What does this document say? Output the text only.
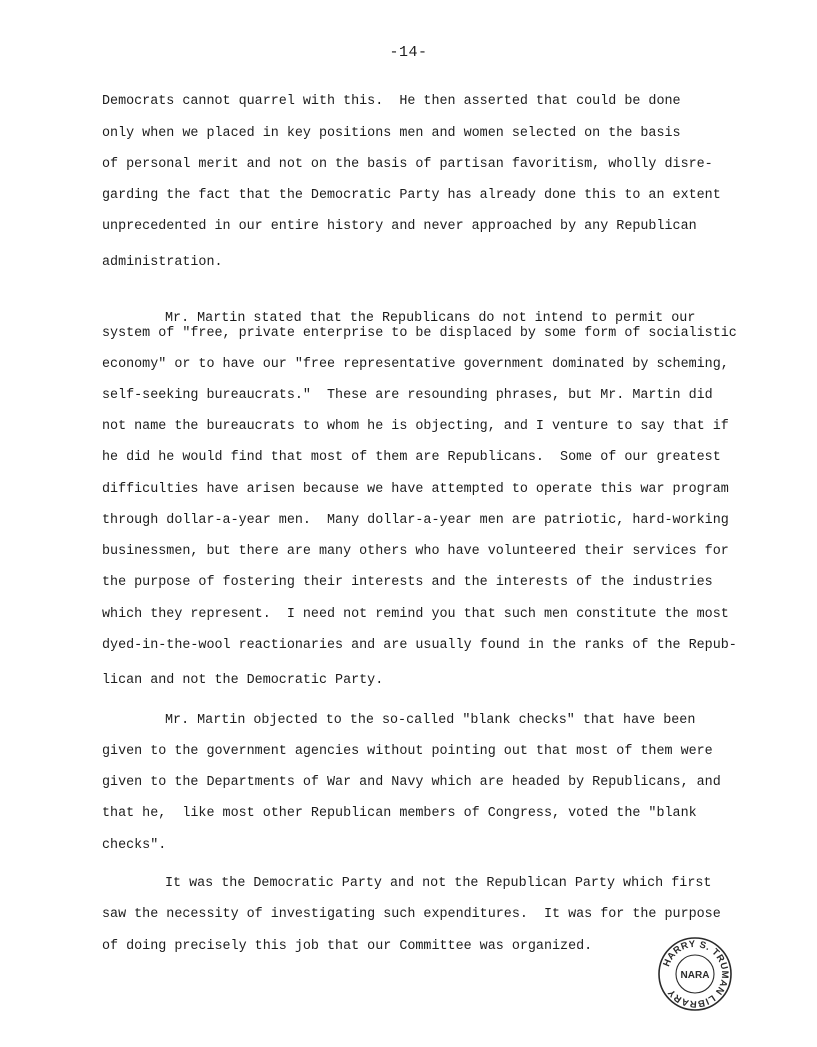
-14-

Democrats cannot quarrel with this.  He then asserted that could be done

only when we placed in key positions men and women selected on the basis

of personal merit and not on the basis of partisan favoritism, wholly disre-

garding the fact that the Democratic Party has already done this to an extent

unprecedented in our entire history and never approached by any Republican

administration.

Mr. Martin stated that the Republicans do not intend to permit our

system of "free, private enterprise to be displaced by some form of socialistic

economy" or to have our "free representative government dominated by scheming,

self-seeking bureaucrats."  These are resounding phrases, but Mr. Martin did

not name the bureaucrats to whom he is objecting, and I venture to say that if

he did he would find that most of them are Republicans.  Some of our greatest

difficulties have arisen because we have attempted to operate this war program

through dollar-a-year men.  Many dollar-a-year men are patriotic, hard-working

businessmen, but there are many others who have volunteered their services for

the purpose of fostering their interests and the interests of the industries

which they represent.  I need not remind you that such men constitute the most

dyed-in-the-wool reactionaries and are usually found in the ranks of the Repub-

lican and not the Democratic Party.

Mr. Martin objected to the so-called "blank checks" that have been

given to the government agencies without pointing out that most of them were

given to the Departments of War and Navy which are headed by Republicans, and

that he,  like most other Republican members of Congress, voted the "blank

checks".

It was the Democratic Party and not the Republican Party which first

saw the necessity of investigating such expenditures.  It was for the purpose

of doing precisely this job that our Committee was organized.

HARRY S. TRUMAN LIBRARY
NARA
